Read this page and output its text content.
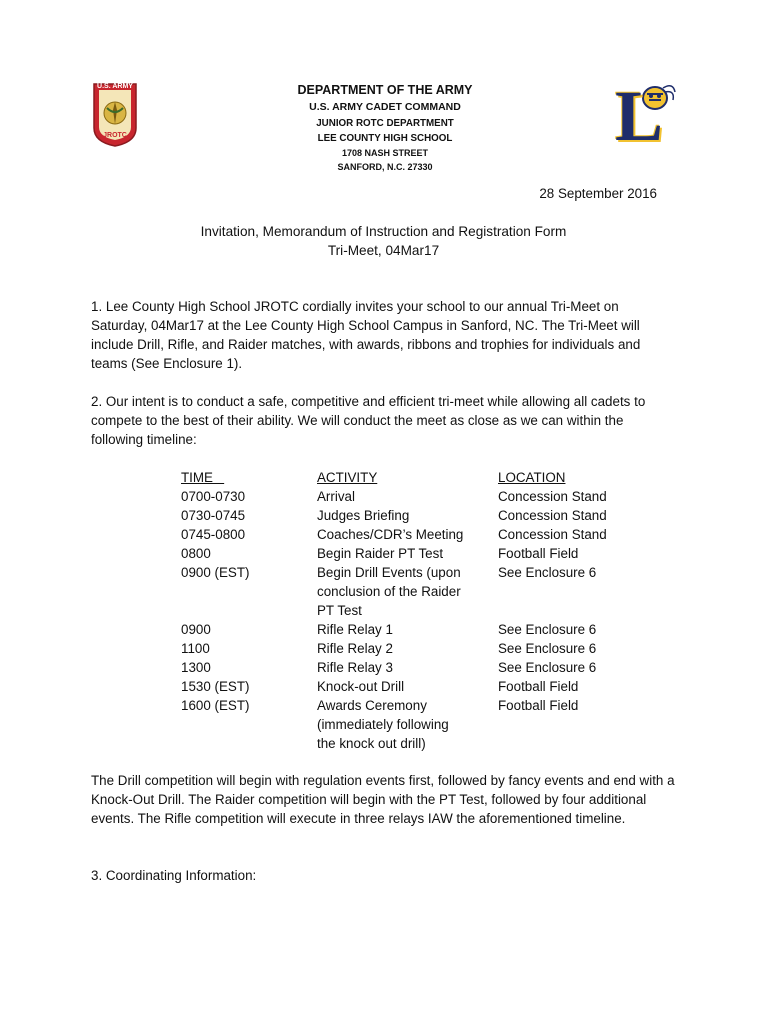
U.S. ARMY
JROTC	L
DEPARTMENT OF THE ARMY
U.S. ARMY CADET COMMAND
JUNIOR ROTC DEPARTMENT
LEE COUNTY HIGH SCHOOL
1708 NASH STREET
SANFORD, N.C. 27330
28 September 2016
Invitation, Memorandum of Instruction and Registration Form
Tri-Meet, 04Mar17
1. Lee County High School JROTC cordially invites your school to our annual Tri-Meet on Saturday, 04Mar17 at the Lee County High School Campus in Sanford, NC. The Tri-Meet will include Drill, Rifle, and Raider matches, with awards, ribbons and trophies for individuals and teams (See Enclosure 1).
2. Our intent is to conduct a safe, competitive and efficient tri-meet while allowing all cadets to compete to the best of their ability. We will conduct the meet as close as we can within the following timeline:
TIME
0700-0730
0730-0745
0745-0800
0800
0900 (EST)
0900
1100
1300
1530 (EST)
1600 (EST)
ACTIVITY
Arrival
Judges Briefing
Coaches/CDR’s Meeting
Begin Raider PT Test
Begin Drill Events (upon
conclusion of the Raider
PT Test
Rifle Relay 1
Rifle Relay 2
Rifle Relay 3
Knock-out Drill
Awards Ceremony
(immediately following
the knock out drill)
LOCATION
Concession Stand
Concession Stand
Concession Stand
Football Field
See Enclosure 6
See Enclosure 6
See Enclosure 6
See Enclosure 6
Football Field
Football Field
The Drill competition will begin with regulation events first, followed by fancy events and end with a Knock-Out Drill. The Raider competition will begin with the PT Test, followed by four additional events. The Rifle competition will execute in three relays IAW the aforementioned timeline.
3. Coordinating Information:
